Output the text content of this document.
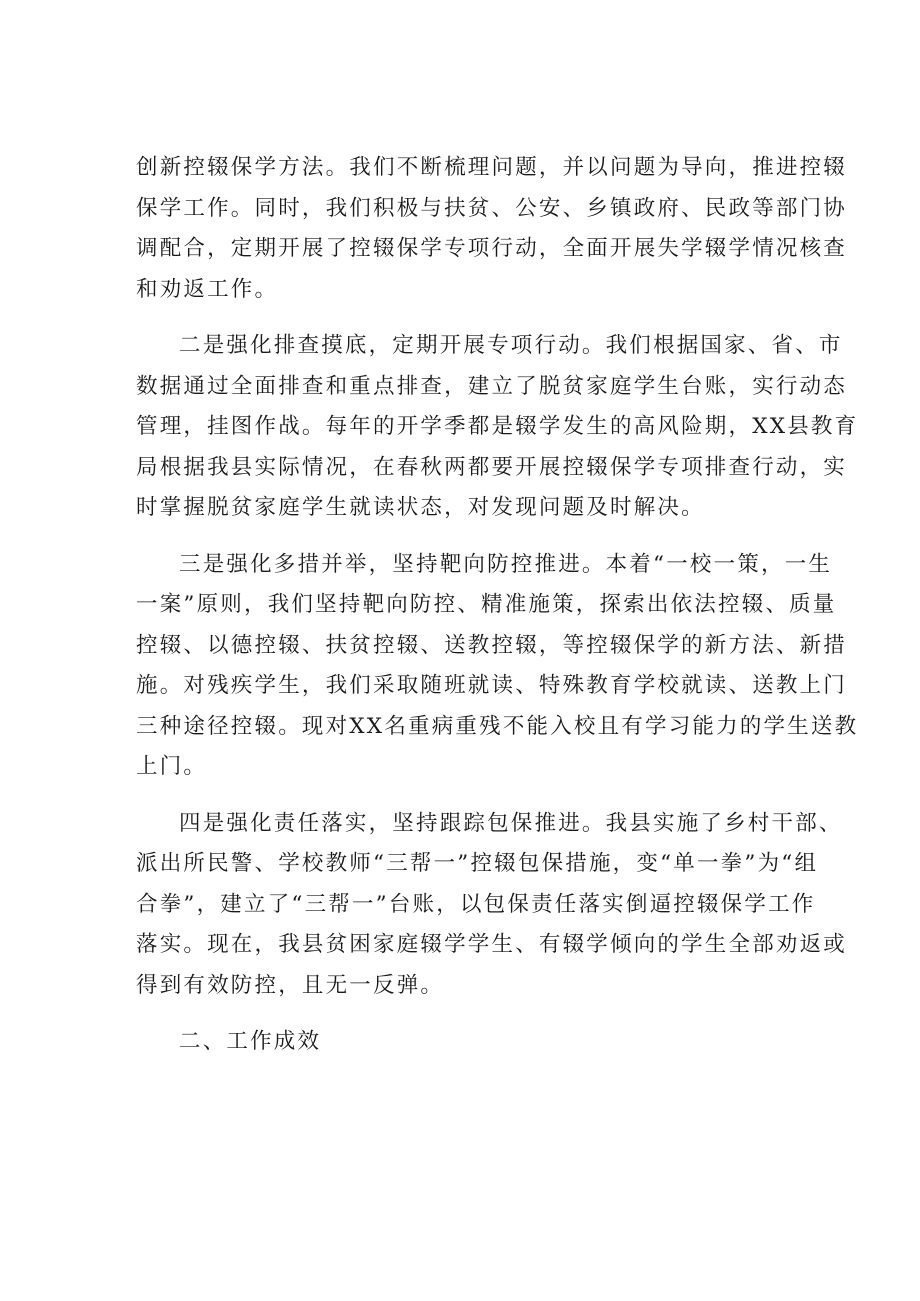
创新控辍保学方法。我们不断梳理问题，并以问题为导向，推进控辍
保学工作。同时，我们积极与扶贫、公安、乡镇政府、民政等部门协
调配合，定期开展了控辍保学专项行动，全面开展失学辍学情况核查
和劝返工作。
二是强化排查摸底，定期开展专项行动。我们根据国家、省、市
数据通过全面排查和重点排查，建立了脱贫家庭学生台账，实行动态
管理，挂图作战。每年的开学季都是辍学发生的高风险期，XX县教育
局根据我县实际情况，在春秋两都要开展控辍保学专项排查行动，实
时掌握脱贫家庭学生就读状态，对发现问题及时解决。
三是强化多措并举，坚持靶向防控推进。本着“一校一策，一生
一案”原则，我们坚持靶向防控、精准施策，探索出依法控辍、质量
控辍、以德控辍、扶贫控辍、送教控辍，等控辍保学的新方法、新措
施。对残疾学生，我们采取随班就读、特殊教育学校就读、送教上门
三种途径控辍。现对XX名重病重残不能入校且有学习能力的学生送教
上门。
四是强化责任落实，坚持跟踪包保推进。我县实施了乡村干部、
派出所民警、学校教师“三帮一”控辍包保措施，变“单一拳”为“组
合拳”，建立了“三帮一”台账，以包保责任落实倒逼控辍保学工作
落实。现在，我县贫困家庭辍学学生、有辍学倾向的学生全部劝返或
得到有效防控，且无一反弹。
二、工作成效
